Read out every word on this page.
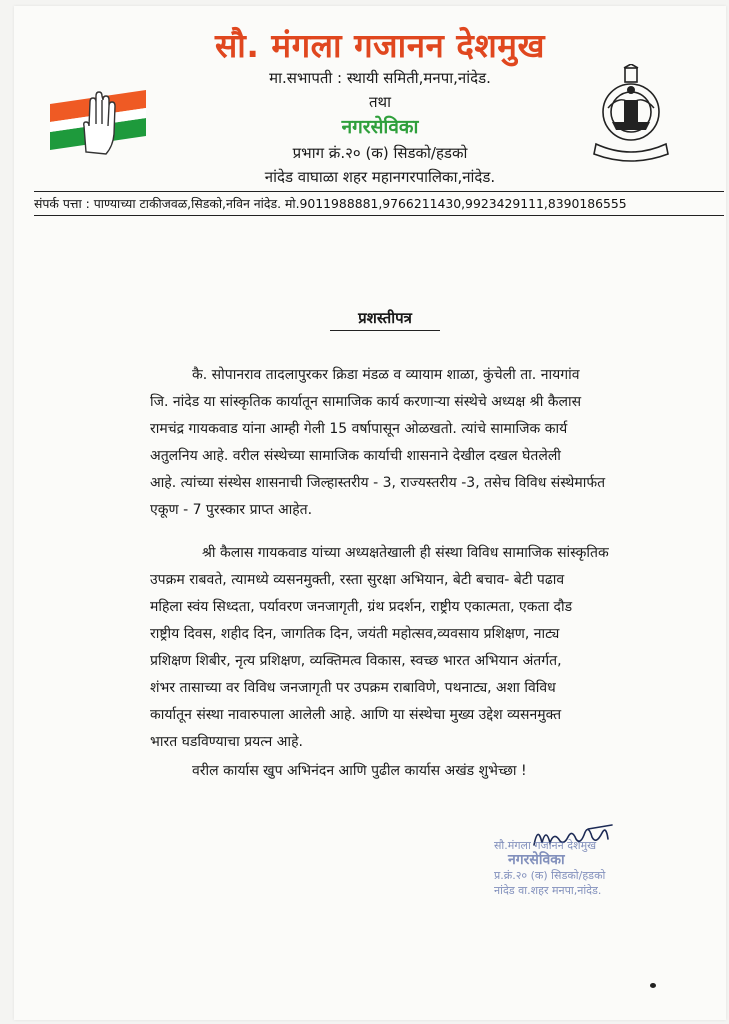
सौ. मंगला गजानन देशमुख
मा.सभापती : स्थायी समिती,मनपा,नांदेड.
तथा
नगरसेविका
प्रभाग क्रं.२० (क) सिडको/हडको
नांदेड वाघाळा शहर महानगरपालिका,नांदेड.
संपर्क पत्ता : पाण्याच्या टाकीजवळ,सिडको,नविन नांदेड. मो.9011988881,9766211430,9923429111,8390186555
प्रशस्तीपत्र
कै. सोपानराव तादलापुरकर क्रिडा मंडळ व व्यायाम शाळा, कुंचेली ता. नायगांव
जि. नांदेड या सांस्कृतिक कार्यातून सामाजिक कार्य करणाऱ्या संस्थेचे अध्यक्ष श्री कैलास
रामचंद्र गायकवाड यांना आम्ही गेली 15 वर्षापासून ओळखतो. त्यांचे सामाजिक कार्य
अतुलनिय आहे. वरील संस्थेच्या सामाजिक कार्याची शासनाने देखील दखल घेतलेली
आहे. त्यांच्या संस्थेस शासनाची जिल्हास्तरीय - 3, राज्यस्तरीय -3, तसेच विविध संस्थेमार्फत
एकूण - 7 पुरस्कार प्राप्त आहेत.
श्री कैलास गायकवाड यांच्या अध्यक्षतेखाली ही संस्था विविध सामाजिक सांस्कृतिक
उपक्रम राबवते, त्यामध्ये व्यसनमुक्ती, रस्ता सुरक्षा अभियान, बेटी बचाव- बेटी पढाव
महिला स्वंय सिध्दता, पर्यावरण जनजागृती, ग्रंथ प्रदर्शन, राष्ट्रीय एकात्मता, एकता दौड
राष्ट्रीय दिवस, शहीद दिन, जागतिक दिन, जयंती महोत्सव,व्यवसाय प्रशिक्षण, नाट्य
प्रशिक्षण शिबीर, नृत्य प्रशिक्षण, व्यक्तिमत्व विकास, स्वच्छ भारत अभियान अंतर्गत,
शंभर तासाच्या वर विविध जनजागृती पर उपक्रम राबाविणे, पथनाट्य, अशा विविध
कार्यातून संस्था नावारुपाला आलेली आहे. आणि या संस्थेचा मुख्य उद्देश व्यसनमुक्त
भारत घडविण्याचा प्रयत्न आहे.
वरील कार्यास खुप अभिनंदन आणि पुढील कार्यास अखंड शुभेच्छा !
सौ.मंगला गजानन देशमुख
नगरसेविका
प्र.क्रं.२० (क) सिडको/हडको
नांदेड वा.शहर मनपा,नांदेड.
